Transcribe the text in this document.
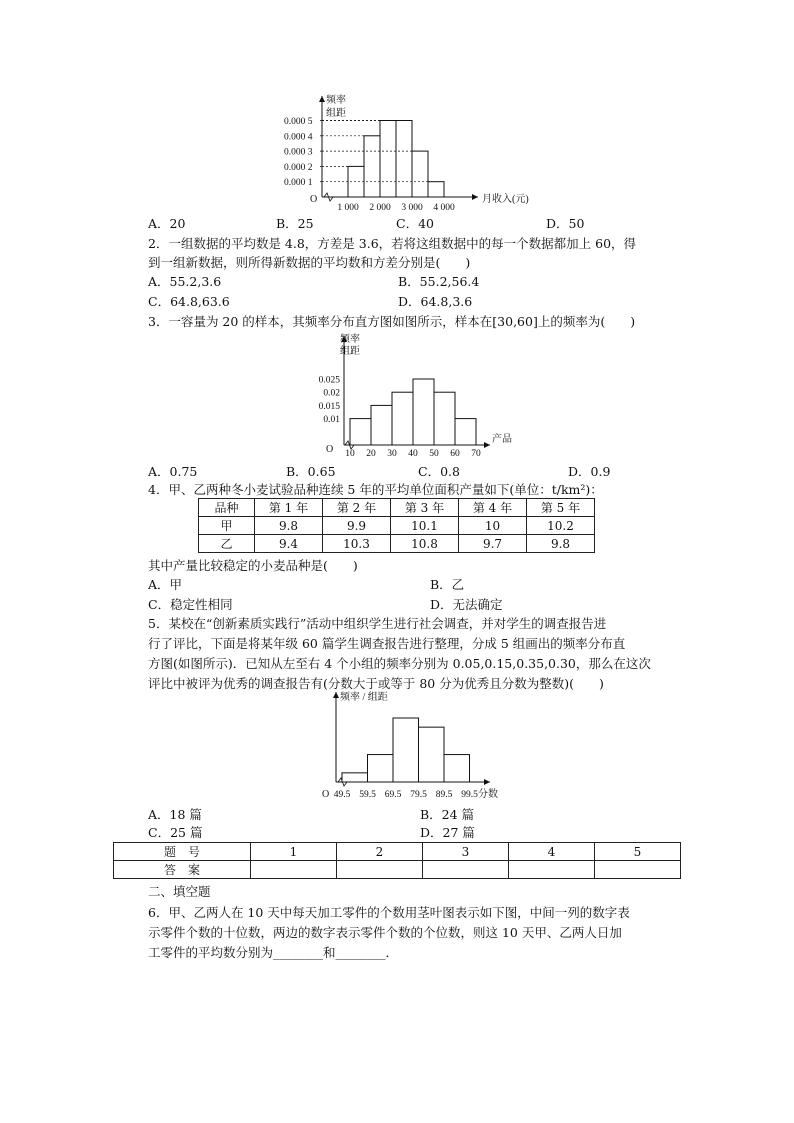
频率
组距
O	月收入(元)
0.000 1
0.000 2
0.000 3
0.000 4
0.000 5
1 000 2 000 3 000 4 000
A．20	B．25	C．40	D．50
2．一组数据的平均数是 4.8，方差是 3.6，若将这组数据中的每一个数据都加上 60，得
到一组新数据，则所得新数据的平均数和方差分别是(　　)
A．55.2,3.6	B．55.2,56.4
C．64.8,63.6	D．64.8,3.6
3．一容量为 20 的样本，其频率分布直方图如图所示，样本在[30,60]上的频率为(　　)
频率
组距
O
产品
0.01
0.015
0.02
0.025
10 20 30 40 50 60 70
A．0.75	B．0.65	C．0.8	D．0.9
4．甲、乙两种冬小麦试验品种连续 5 年的平均单位面积产量如下(单位：t/km²)：
品种	第 1 年	第 2 年	第 3 年	第 4 年	第 5 年
甲	9.8	9.9	10.1	10	10.2
乙	9.4	10.3	10.8	9.7	9.8
其中产量比较稳定的小麦品种是(　　)
A．甲	B．乙
C．稳定性相同	D．无法确定
5．某校在“创新素质实践行”活动中组织学生进行社会调查，并对学生的调查报告进
行了评比，下面是将某年级 60 篇学生调查报告进行整理，分成 5 组画出的频率分布直
方图(如图所示)．已知从左至右 4 个小组的频率分别为 0.05,0.15,0.35,0.30，那么在这次
评比中被评为优秀的调查报告有(分数大于或等于 80 分为优秀且分数为整数)(　　)
频率 / 组距
O	分数
49.5 59.5 69.5 79.5 89.5 99.5
A．18 篇	B．24 篇
C．25 篇	D．27 篇
题　号	1	2	3	4	5
答　案					
二、填空题
6．甲、乙两人在 10 天中每天加工零件的个数用茎叶图表示如下图，中间一列的数字表
示零件个数的十位数，两边的数字表示零件个数的个位数，则这 10 天甲、乙两人日加
工零件的平均数分别为________和________．
